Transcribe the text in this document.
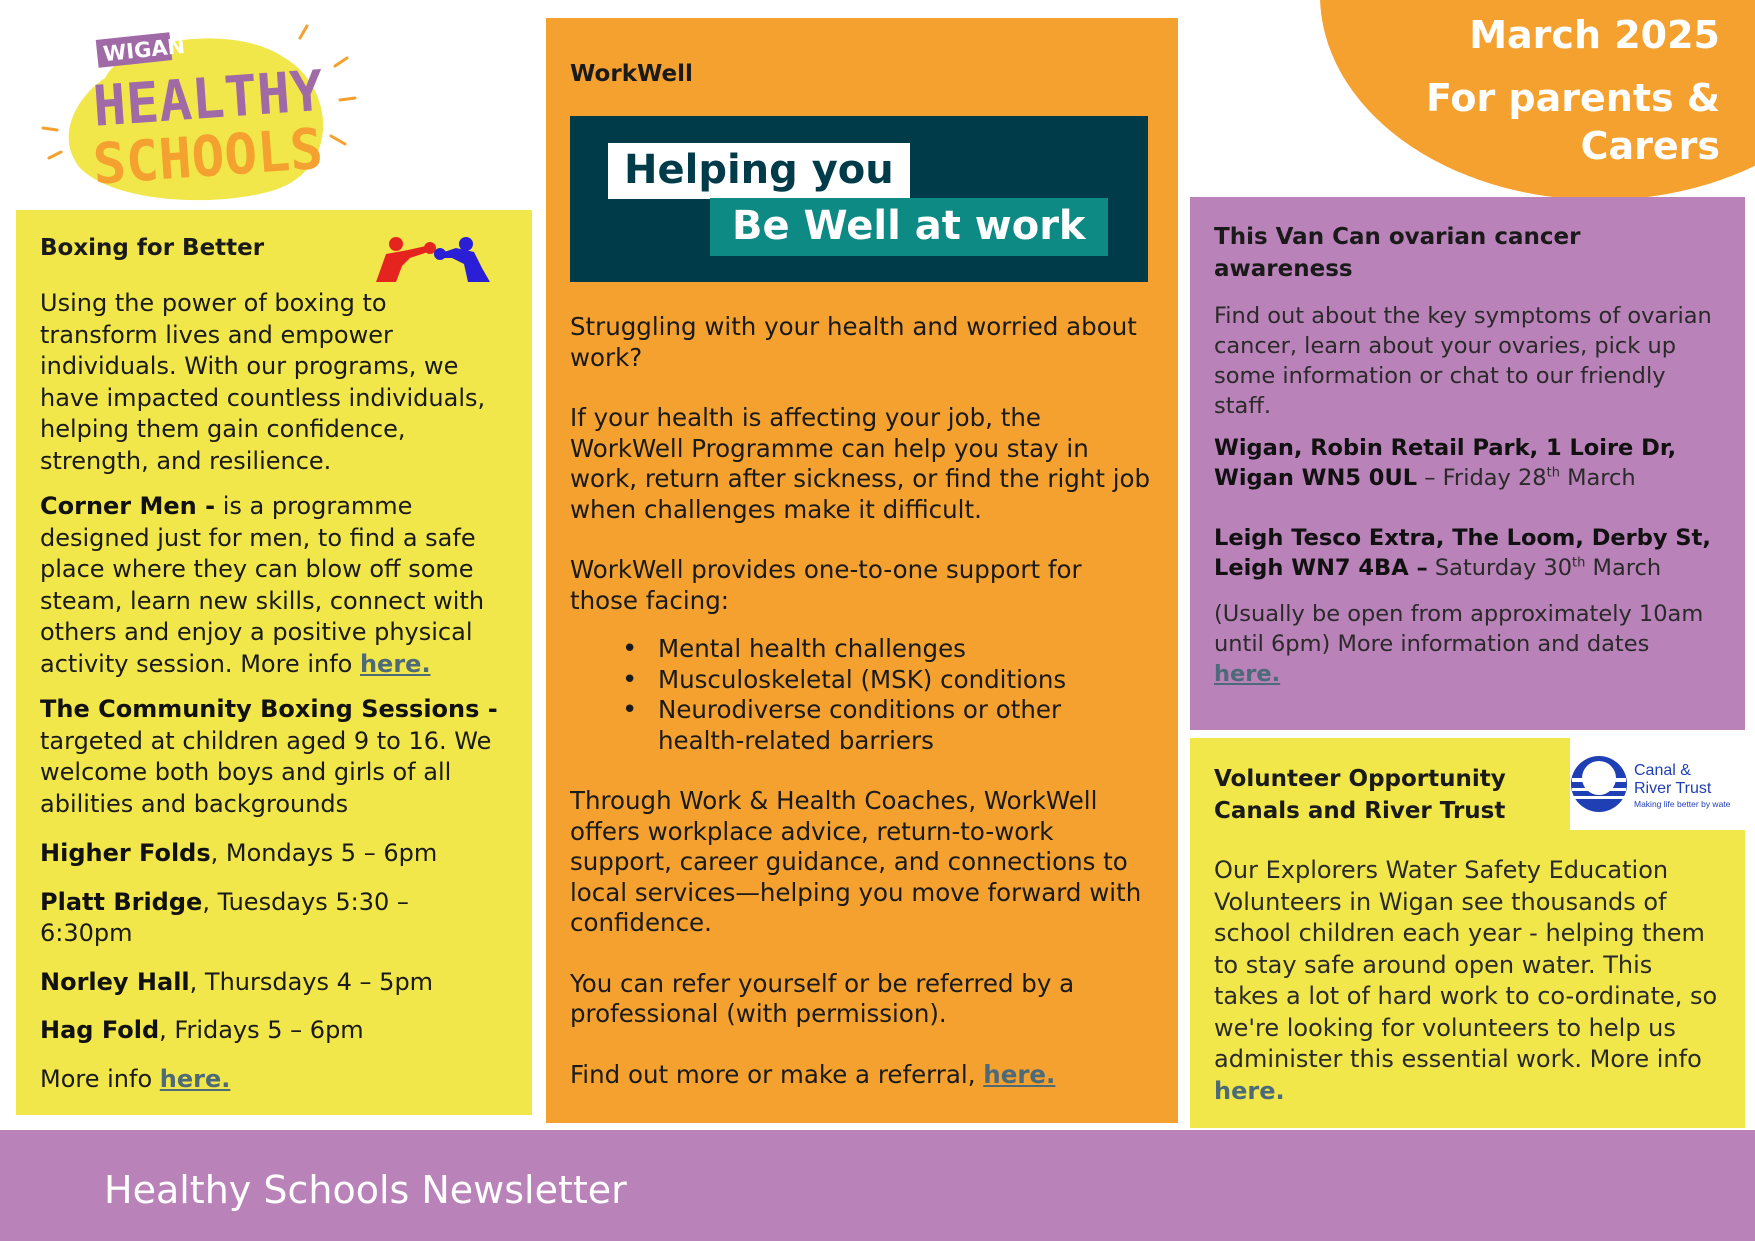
March 2025
For parents &
Carers
WIGAN
HEALTHY
SCHOOLS
Boxing for Better

Using the power of boxing to transform lives and empower individuals. With our programs, we have impacted countless individuals, helping them gain confidence, strength, and resilience.

Corner Men - is a programme designed just for men, to find a safe place where they can blow off some steam, learn new skills, connect with others and enjoy a positive physical activity session. More info here.

The Community Boxing Sessions - targeted at children aged 9 to 16. We welcome both boys and girls of all abilities and backgrounds

Higher Folds, Mondays 5 – 6pm

Platt Bridge, Tuesdays 5:30 – 6:30pm

Norley Hall, Thursdays 4 – 5pm

Hag Fold, Fridays 5 – 6pm

More info here.

WorkWell
Helping you
Be Well at work

Struggling with your health and worried about work?

If your health is affecting your job, the WorkWell Programme can help you stay in work, return after sickness, or find the right job when challenges make it difficult.

WorkWell provides one-to-one support for those facing:

• Mental health challenges
• Musculoskeletal (MSK) conditions
• Neurodiverse conditions or other health-related barriers

Through Work & Health Coaches, WorkWell offers workplace advice, return-to-work support, career guidance, and connections to local services—helping you move forward with confidence.

You can refer yourself or be referred by a professional (with permission).

Find out more or make a referral, here.

This Van Can ovarian cancer awareness

Find out about the key symptoms of ovarian cancer, learn about your ovaries, pick up some information or chat to our friendly staff.

Wigan, Robin Retail Park, 1 Loire Dr, Wigan WN5 0UL – Friday 28th March

Leigh Tesco Extra, The Loom, Derby St, Leigh WN7 4BA – Saturday 30th March

(Usually be open from approximately 10am until 6pm) More information and dates here.

Volunteer Opportunity
Canals and River Trust

Our Explorers Water Safety Education Volunteers in Wigan see thousands of school children each year - helping them to stay safe around open water. This takes a lot of hard work to co-ordinate, so we're looking for volunteers to help us administer this essential work. More info here.

Canal &
River Trust
Making life better by wate
Healthy Schools Newsletter
